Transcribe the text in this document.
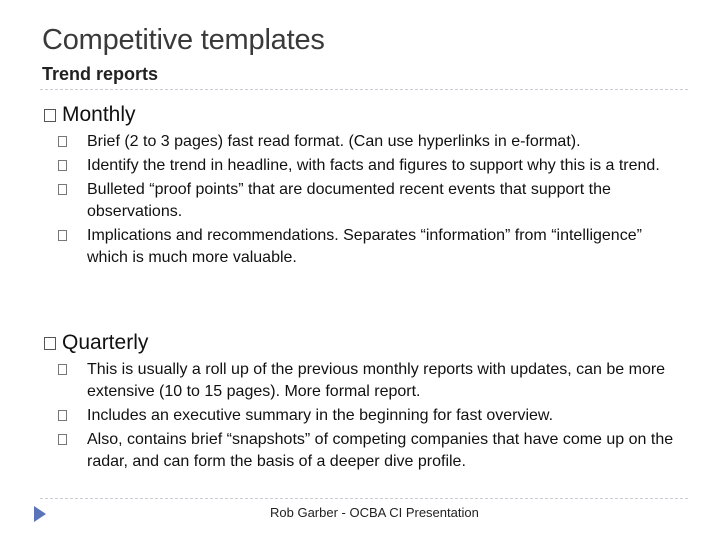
Competitive templates
Trend reports
Monthly
Brief (2 to 3 pages) fast read format. (Can use hyperlinks in e-format).
Identify the trend in headline, with facts and figures to support why this is a trend.
Bulleted “proof points” that are documented recent events that support the observations.
Implications and recommendations. Separates “information” from “intelligence” which is much more valuable.
Quarterly
This is usually a roll up of the previous monthly reports with updates, can be more extensive (10 to 15 pages). More formal report.
Includes an executive summary in the beginning for fast overview.
Also, contains brief “snapshots” of competing companies that have come up on the radar, and can form the basis of a deeper dive profile.
Rob Garber - OCBA CI Presentation
